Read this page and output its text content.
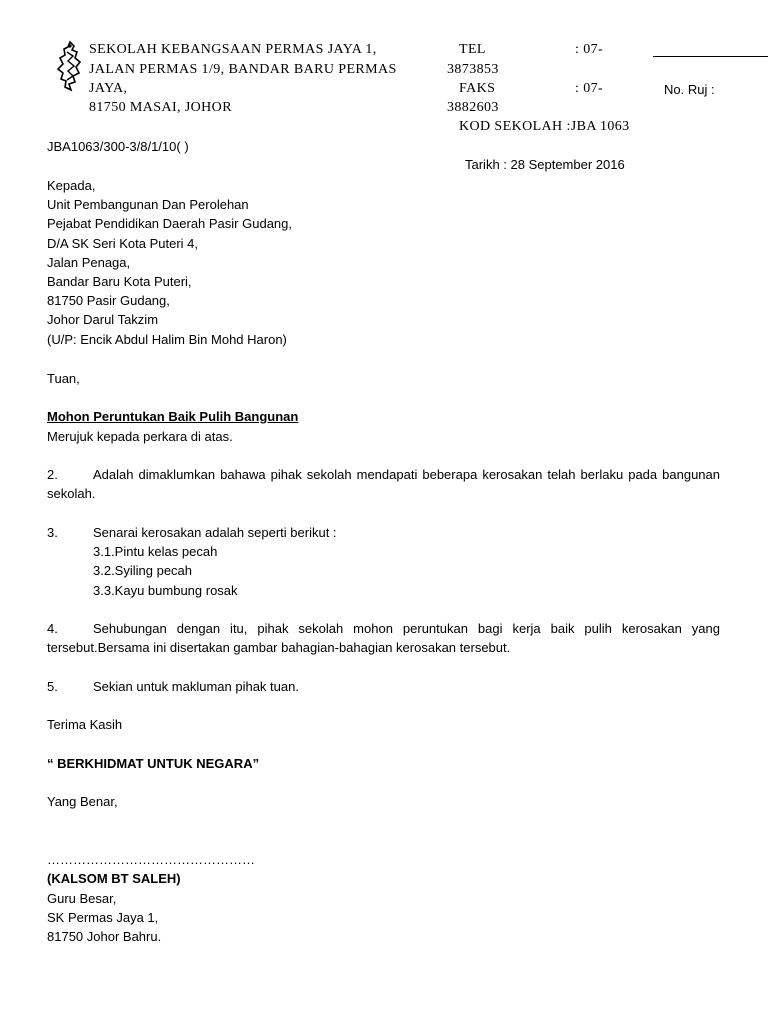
SEKOLAH KEBANGSAAN PERMAS JAYA 1,
JALAN PERMAS 1/9, BANDAR BARU PERMAS
JAYA,
81750 MASAI, JOHOR
TEL	: 07-
3873853
FAKS	: 07-
3882603
KOD SEKOLAH :JBA 1063
No. Ruj :
JBA1063/300-3/8/1/10( )
Tarikh : 28 September 2016
Kepada,
Unit Pembangunan Dan Perolehan
Pejabat Pendidikan Daerah Pasir Gudang,
D/A SK Seri Kota Puteri 4,
Jalan Penaga,
Bandar Baru Kota Puteri,
81750 Pasir Gudang,
Johor Darul Takzim
(U/P: Encik Abdul Halim Bin Mohd Haron)
Tuan,
Mohon Peruntukan Baik Pulih Bangunan
Merujuk kepada perkara di atas.
2.	Adalah dimaklumkan bahawa pihak sekolah mendapati beberapa kerosakan telah berlaku pada bangunan sekolah.
3.	Senarai kerosakan adalah seperti berikut :
3.1.Pintu kelas pecah
3.2.Syiling pecah
3.3.Kayu bumbung rosak
4.	Sehubungan dengan itu, pihak sekolah mohon peruntukan bagi kerja baik pulih kerosakan yang tersebut.Bersama ini disertakan gambar bahagian-bahagian kerosakan tersebut.
5.	Sekian untuk makluman pihak tuan.
Terima Kasih
“ BERKHIDMAT UNTUK NEGARA”
Yang Benar,
…………………………………………
(KALSOM BT SALEH)
Guru Besar,
SK Permas Jaya 1,
81750 Johor Bahru.
